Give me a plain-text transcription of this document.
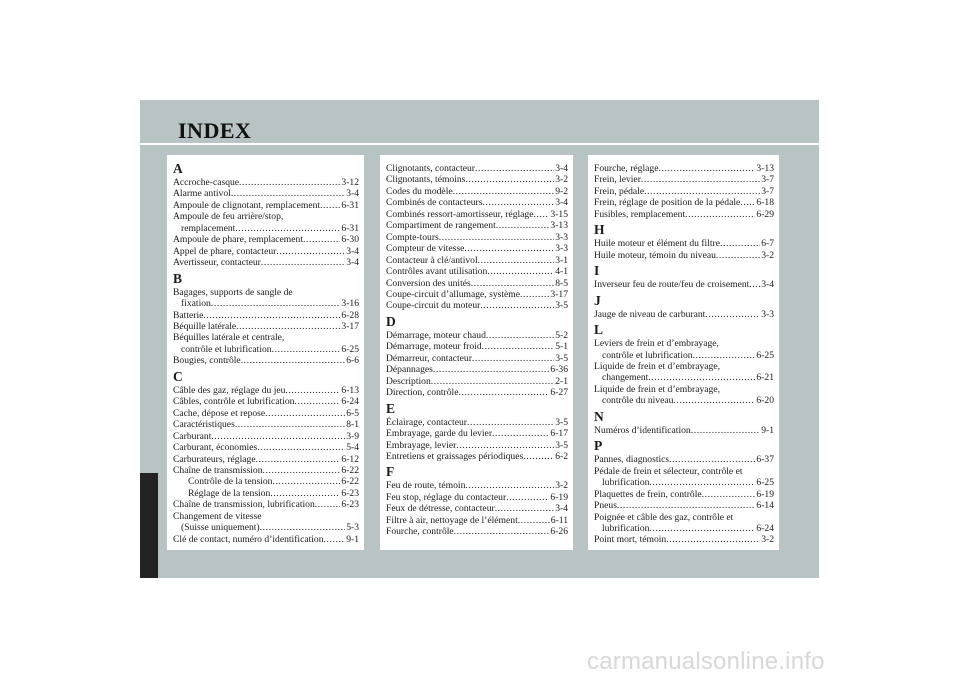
INDEX
A
Accroche-casque .....	3-12
Alarme antivol .....	3-4
Ampoule de clignotant, remplacement ..... 6-31
Ampoule de feu arrière/stop,
remplacement .....	6-31
Ampoule de phare, remplacement .....	6-30
Appel de phare, contacteur .....	3-4
Avertisseur, contacteur .....	3-4
B
Bagages, supports de sangle de
fixation .....	3-16
Batterie .....	6-28
Béquille latérale .....	3-17
Béquilles latérale et centrale,
contrôle et lubrification .....	6-25
Bougies, contrôle .....	6-6
C
Câble des gaz, réglage du jeu .....	6-13
Câbles, contrôle et lubrification .....	6-24
Cache, dépose et repose .....	6-5
Caractéristiques .....	8-1
Carburant .....	3-9
Carburant, économies .....	5-4
Carburateurs, réglage .....	6-12
Chaîne de transmission .....	6-22
Contrôle de la tension .....	6-22
Réglage de la tension .....	6-23
Chaîne de transmission, lubrification .....	6-23
Changement de vitesse
(Suisse uniquement) .....	5-3
Clé de contact, numéro d’identification ..... 9-1
Clignotants, contacteur .....	3-4
Clignotants, témoins .....	3-2
Codes du modèle .....	9-2
Combinés de contacteurs .....	3-4
Combinés ressort-amortisseur, réglage ..... 3-15
Compartiment de rangement .....	3-13
Compte-tours .....	3-3
Compteur de vitesse .....	3-3
Contacteur à clé/antivol .....	3-1
Contrôles avant utilisation .....	4-1
Conversion des unités .....	8-5
Coupe-circuit d’allumage, système .....	3-17
Coupe-circuit du moteur .....	3-5
D
Démarrage, moteur chaud .....	5-2
Démarrage, moteur froid .....	5-1
Démarreur, contacteur .....	3-5
Dépannages .....	6-36
Description .....	2-1
Direction, contrôle .....	6-27
E
Éclairage, contacteur .....	3-5
Embrayage, garde du levier .....	6-17
Embrayage, levier .....	3-5
Entretiens et graissages périodiques .....	6-2
F
Feu de route, témoin .....	3-2
Feu stop, réglage du contacteur .....	6-19
Feux de détresse, contacteur .....	3-4
Filtre à air, nettoyage de l’élément .....	6-11
Fourche, contrôle .....	6-26
Fourche, réglage .....	3-13
Frein, levier .....	3-7
Frein, pédale .....	3-7
Frein, réglage de position de la pédale ..... 6-18
Fusibles, remplacement .....	6-29
H
Huile moteur et élément du filtre .....	6-7
Huile moteur, témoin du niveau .....	3-2
I
Inverseur feu de route/feu de croisement ..... 3-4
J
Jauge de niveau de carburant .....	3-3
L
Leviers de frein et d’embrayage,
contrôle et lubrification .....	6-25
Liquide de frein et d’embrayage,
changement .....	6-21
Liquide de frein et d’embrayage,
contrôle du niveau .....	6-20
N
Numéros d’identification .....	9-1
P
Pannes, diagnostics .....	6-37
Pédale de frein et sélecteur, contrôle et
lubrification .....	6-25
Plaquettes de frein, contrôle .....	6-19
Pneus .....	6-14
Poignée et câble des gaz, contrôle et
lubrification .....	6-24
Point mort, témoin .....	3-2
carmanualsonline.info
